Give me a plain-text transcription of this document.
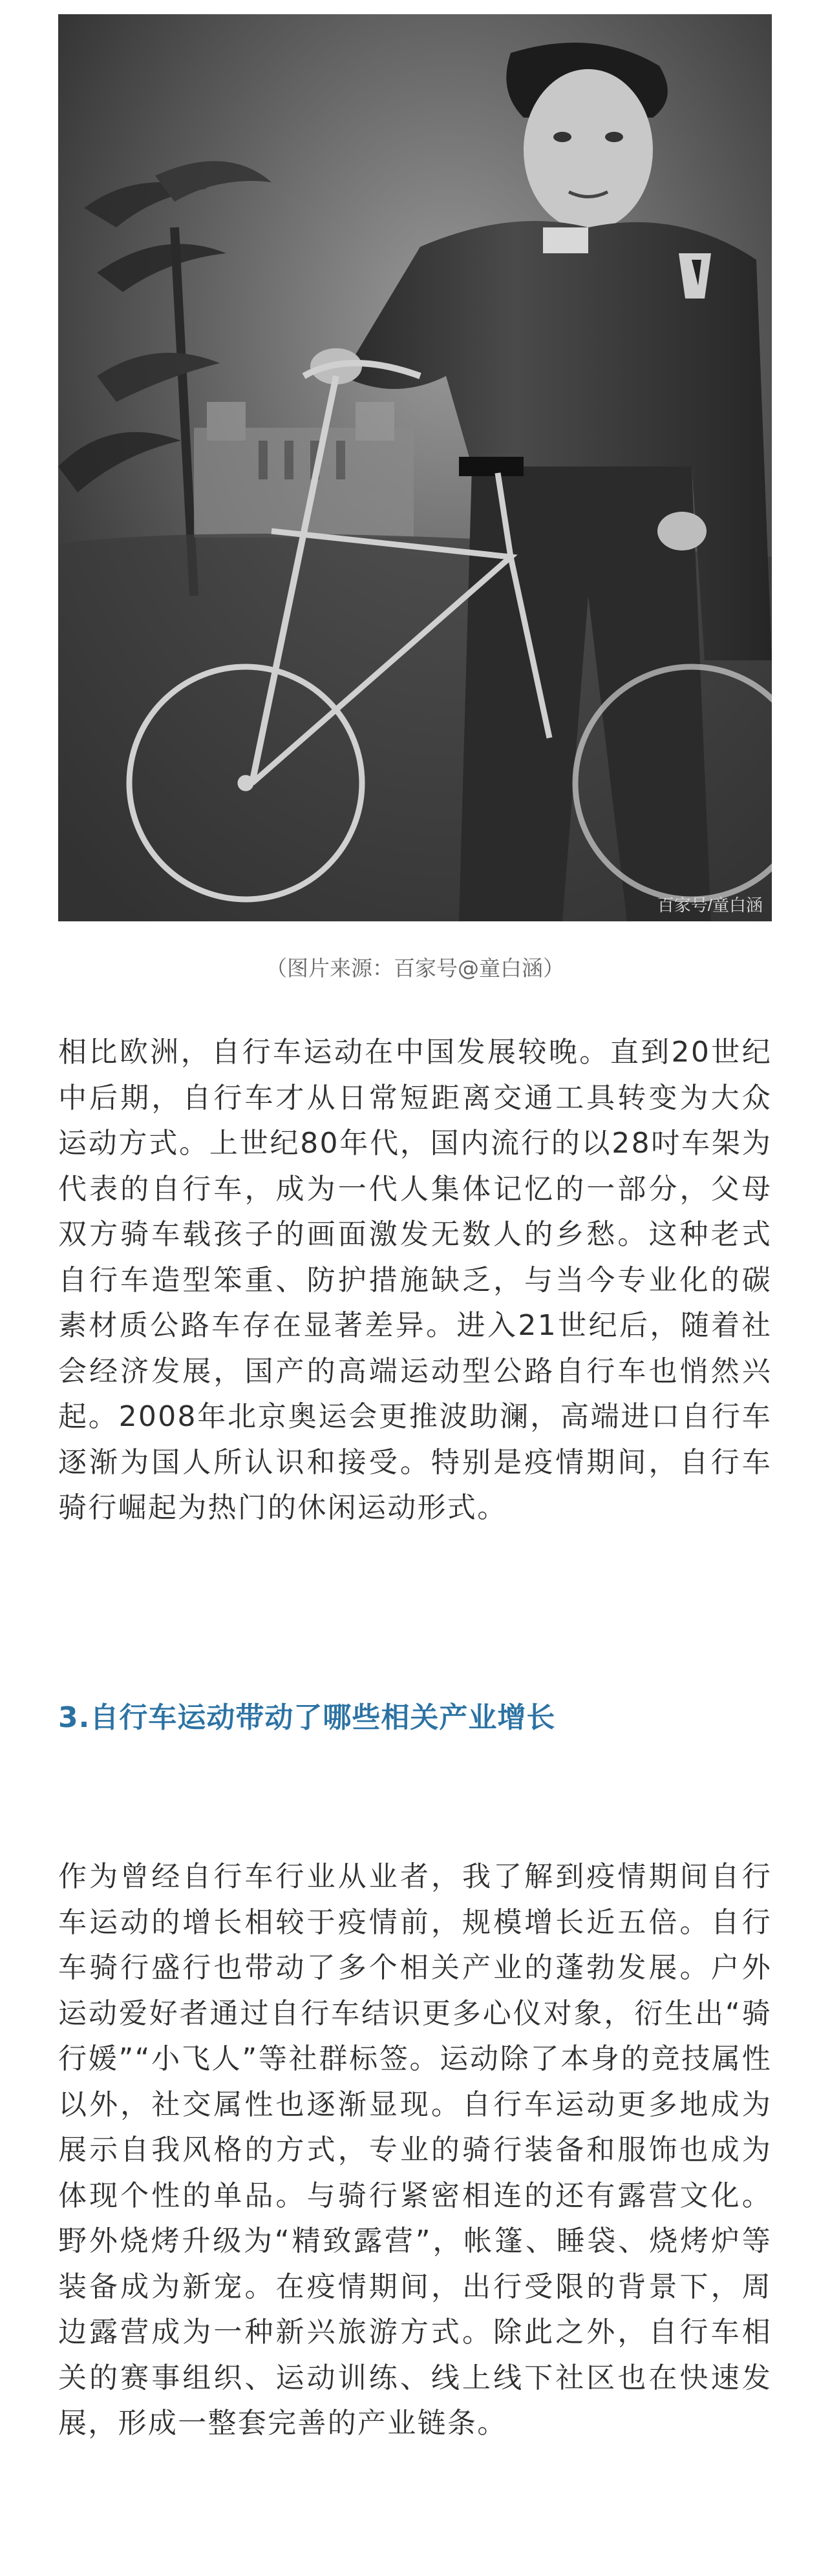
百家号/童白涵
（图片来源：百家号@童白涵）
相比欧洲，自行车运动在中国发展较晚。直到20世纪中后期，自行车才从日常短距离交通工具转变为大众运动方式。上世纪80年代，国内流行的以28吋车架为代表的自行车，成为一代人集体记忆的一部分，父母双方骑车载孩子的画面激发无数人的乡愁。这种老式自行车造型笨重、防护措施缺乏，与当今专业化的碳素材质公路车存在显著差异。进入21世纪后，随着社会经济发展，国产的高端运动型公路自行车也悄然兴起。2008年北京奥运会更推波助澜，高端进口自行车逐渐为国人所认识和接受。特别是疫情期间，自行车骑行崛起为热门的休闲运动形式。
3.自行车运动带动了哪些相关产业增长
作为曾经自行车行业从业者，我了解到疫情期间自行车运动的增长相较于疫情前，规模增长近五倍。自行车骑行盛行也带动了多个相关产业的蓬勃发展。户外运动爱好者通过自行车结识更多心仪对象，衍生出“骑行媛”“小飞人”等社群标签。运动除了本身的竞技属性以外，社交属性也逐渐显现。自行车运动更多地成为展示自我风格的方式，专业的骑行装备和服饰也成为体现个性的单品。与骑行紧密相连的还有露营文化。野外烧烤升级为“精致露营”，帐篷、睡袋、烧烤炉等装备成为新宠。在疫情期间，出行受限的背景下，周边露营成为一种新兴旅游方式。除此之外，自行车相关的赛事组织、运动训练、线上线下社区也在快速发展，形成一整套完善的产业链条。
